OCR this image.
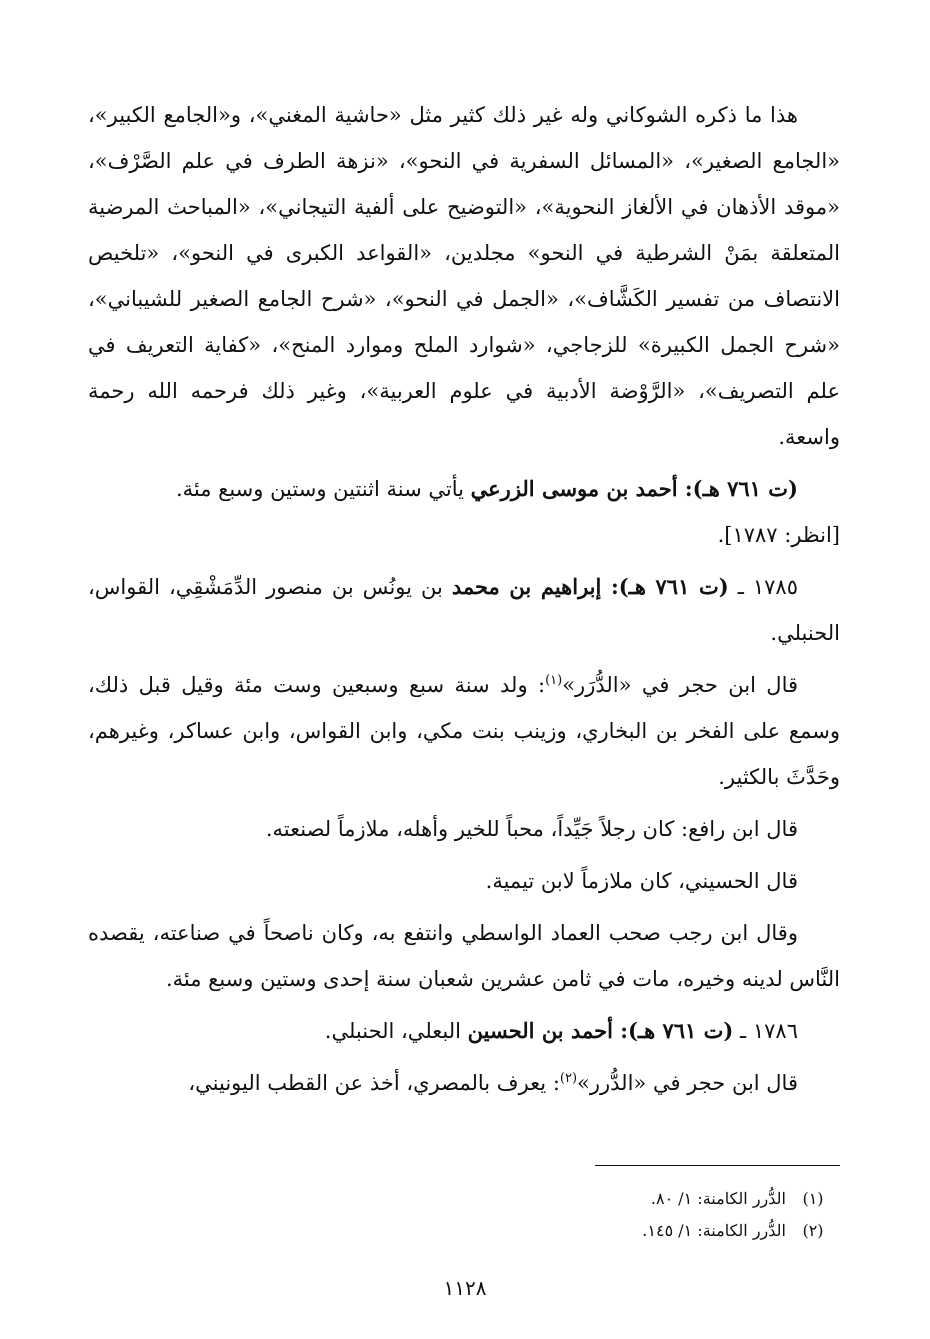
هذا ما ذكره الشوكاني وله غير ذلك كثير مثل «حاشية المغني»، و«الجامع الكبير»، «الجامع الصغير»، «المسائل السفرية في النحو»، «نزهة الطرف في علم الصَّرْف»، «موقد الأذهان في الألغاز النحوية»، «التوضيح على ألفية التيجاني»، «المباحث المرضية المتعلقة بمَنْ الشرطية في النحو» مجلدين، «القواعد الكبرى في النحو»، «تلخيص الانتصاف من تفسير الكَشَّاف»، «الجمل في النحو»، «شرح الجامع الصغير للشيباني»، «شرح الجمل الكبيرة» للزجاجي، «شوارد الملح وموارد المنح»، «كفاية التعريف في علم التصريف»، «الرَّوْضة الأدبية في علوم العربية»، وغير ذلك فرحمه الله رحمة واسعة.

(ت ٧٦١ هـ): أحمد بن موسى الزرعي يأتي سنة اثنتين وستين وسبع مئة.
[انظر: ١٧٨٧].

١٧٨٥ ـ (ت ٧٦١ هـ): إبراهيم بن محمد بن يونُس بن منصور الدِّمَشْقِي، القواس، الحنبلي.

قال ابن حجر في «الدُّرَر»$^{(١)}$: ولد سنة سبع وسبعين وست مئة وقيل قبل ذلك، وسمع على الفخر بن البخاري، وزينب بنت مكي، وابن القواس، وابن عساكر، وغيرهم، وحَدَّثَ بالكثير.

قال ابن رافع: كان رجلاً جَيِّداً، محباً للخير وأهله، ملازماً لصنعته.

قال الحسيني، كان ملازماً لابن تيمية.

وقال ابن رجب صحب العماد الواسطي وانتفع به، وكان ناصحاً في صناعته، يقصده النَّاس لدينه وخيره، مات في ثامن عشرين شعبان سنة إحدى وستين وسبع مئة.

١٧٨٦ ـ (ت ٧٦١ هـ): أحمد بن الحسين البعلي، الحنبلي.

قال ابن حجر في «الدُّرر»$^{(٢)}$: يعرف بالمصري، أخذ عن القطب اليونيني،

(١)
الدُّرر الكامنة: ١/ ٨٠.
(٢)
الدُّرر الكامنة: ١/ ١٤٥.
١١٢٨
